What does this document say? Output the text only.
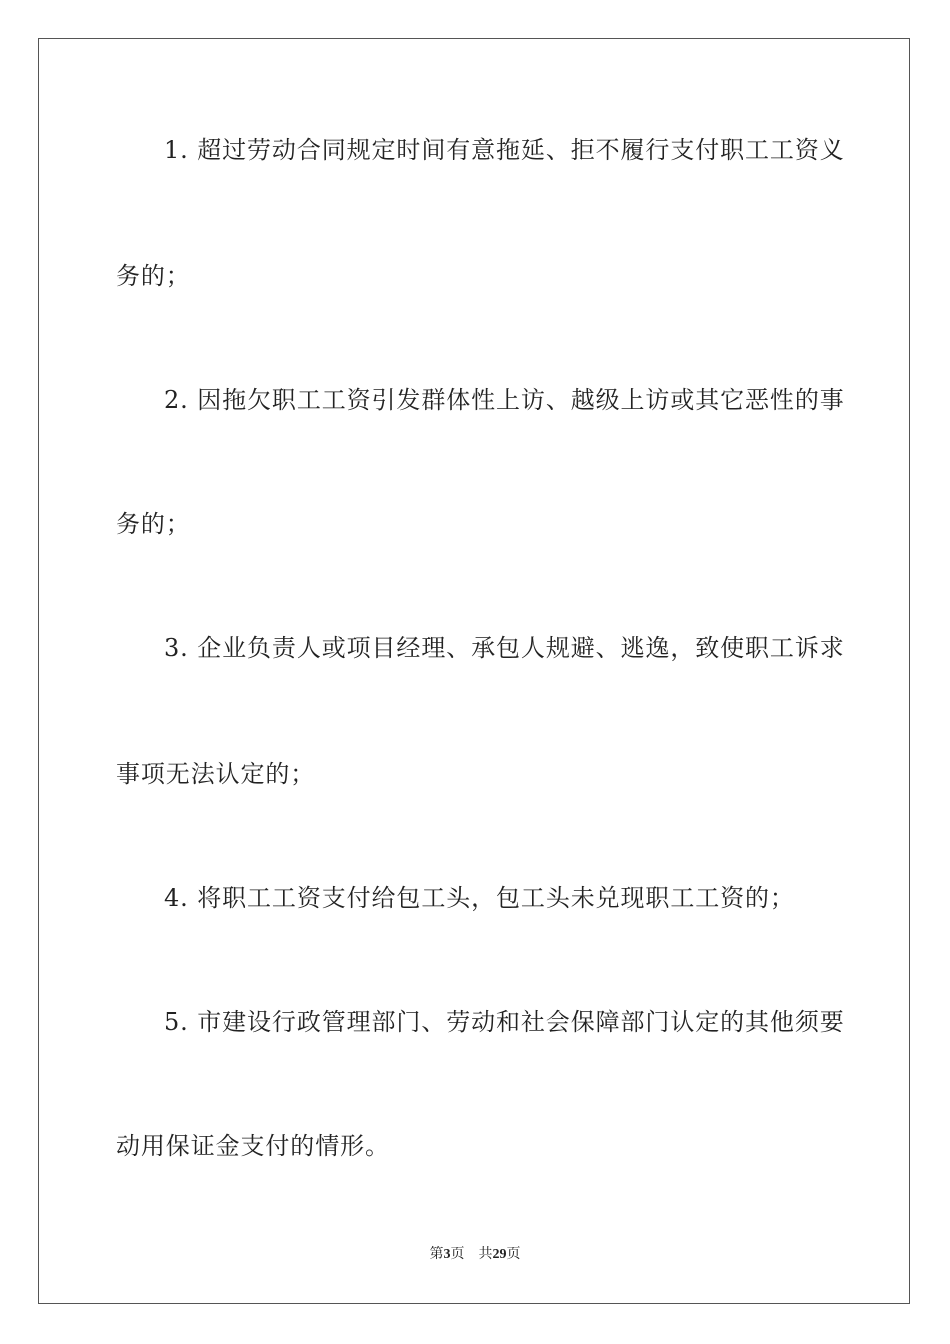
1. 超过劳动合同规定时间有意拖延、拒不履行支付职工工资义
务的；
2. 因拖欠职工工资引发群体性上访、越级上访或其它恶性的事
务的；
3. 企业负责人或项目经理、承包人规避、逃逸，致使职工诉求
事项无法认定的；
4. 将职工工资支付给包工头，包工头未兑现职工工资的；
5. 市建设行政管理部门、劳动和社会保障部门认定的其他须要
动用保证金支付的情形。
第3页 共29页
